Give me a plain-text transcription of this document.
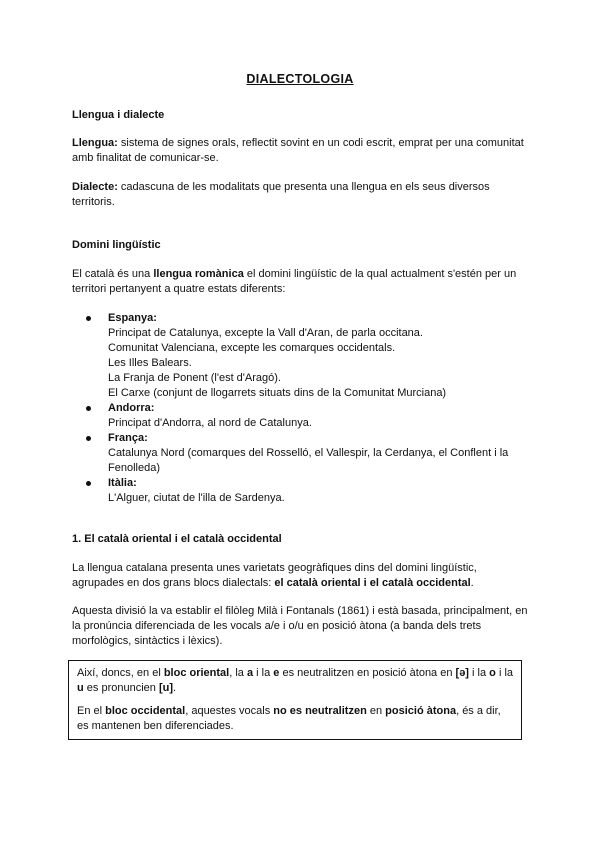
DIALECTOLOGIA
Llengua i dialecte

Llengua: sistema de signes orals, reflectit sovint en un codi escrit, emprat per una comunitat amb finalitat de comunicar-se.

Dialecte: cadascuna de les modalitats que presenta una llengua en els seus diversos territoris.

Domini lingüístic

El català és una llengua romànica el domini lingüístic de la qual actualment s'estén per un territori pertanyent a quatre estats diferents:

Espanya:
Principat de Catalunya, excepte la Vall d'Aran, de parla occitana.
Comunitat Valenciana, excepte les comarques occidentals.
Les Illes Balears.
La Franja de Ponent (l'est d'Aragó).
El Carxe (conjunt de llogarrets situats dins de la Comunitat Murciana)
Andorra:
Principat d'Andorra, al nord de Catalunya.
França:
Catalunya Nord (comarques del Rosselló, el Vallespir, la Cerdanya, el Conflent i la Fenolleda)
Itàlia:
L'Alguer, ciutat de l'illa de Sardenya.
1. El català oriental i el català occidental

La llengua catalana presenta unes varietats geogràfiques dins del domini lingüístic, agrupades en dos grans blocs dialectals: el català oriental i el català occidental.

Aquesta divisió la va establir el filòleg Milà i Fontanals (1861) i està basada, principalment, en la pronúncia diferenciada de les vocals a/e i o/u en posició àtona (a banda dels trets morfològics, sintàctics i lèxics).

Així, doncs, en el bloc oriental, la a i la e es neutralitzen en posició àtona en [ə] i la o i la u es pronuncien [u].

En el bloc occidental, aquestes vocals no es neutralitzen en posició àtona, és a dir, es mantenen ben diferenciades.
